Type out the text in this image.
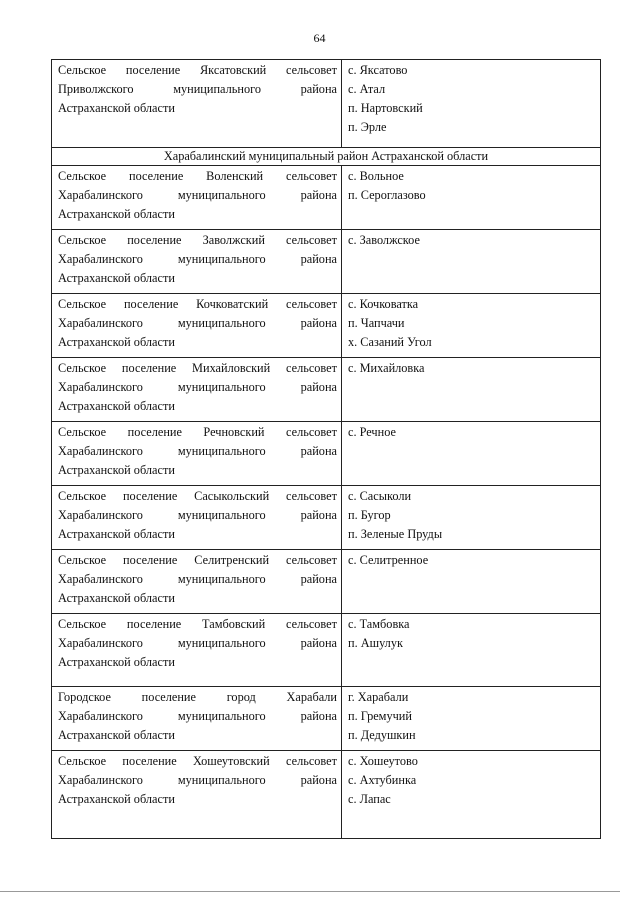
64
Сельское поселение Яксатовский сельсовет Приволжского муниципального района Астраханской области	с. Яксатово
с. Атал
п. Нартовский
п. Эрле

Харабалинский муниципальный район Астраханской области	
Сельское поселение Воленский сельсовет Харабалинского муниципального района Астраханской области	с. Вольное
п. Сероглазово

Сельское поселение Заволжский сельсовет Харабалинского муниципального района Астраханской области	с. Заволжское

Сельское поселение Кочковатский сельсовет Харабалинского муниципального района Астраханской области	с. Кочковатка
п. Чапчачи
х. Сазаний Угол

Сельское поселение Михайловский сельсовет Харабалинского муниципального района Астраханской области	с. Михайловка

Сельское поселение Речновский сельсовет Харабалинского муниципального района Астраханской области	с. Речное

Сельское поселение Сасыкольский сельсовет Харабалинского муниципального района Астраханской области	с. Сасыколи
п. Бугор
п. Зеленые Пруды

Сельское поселение Селитренский сельсовет Харабалинского муниципального района Астраханской области	с. Селитренное

Сельское поселение Тамбовский сельсовет Харабалинского муниципального района Астраханской области	с. Тамбовка
п. Ашулук

Городское поселение город Харабали Харабалинского муниципального района Астраханской области	г. Харабали
п. Гремучий
п. Дедушкин

Сельское поселение Хошеутовский сельсовет Харабалинского муниципального района Астраханской области	с. Хошеутово
с. Ахтубинка
с. Лапас
